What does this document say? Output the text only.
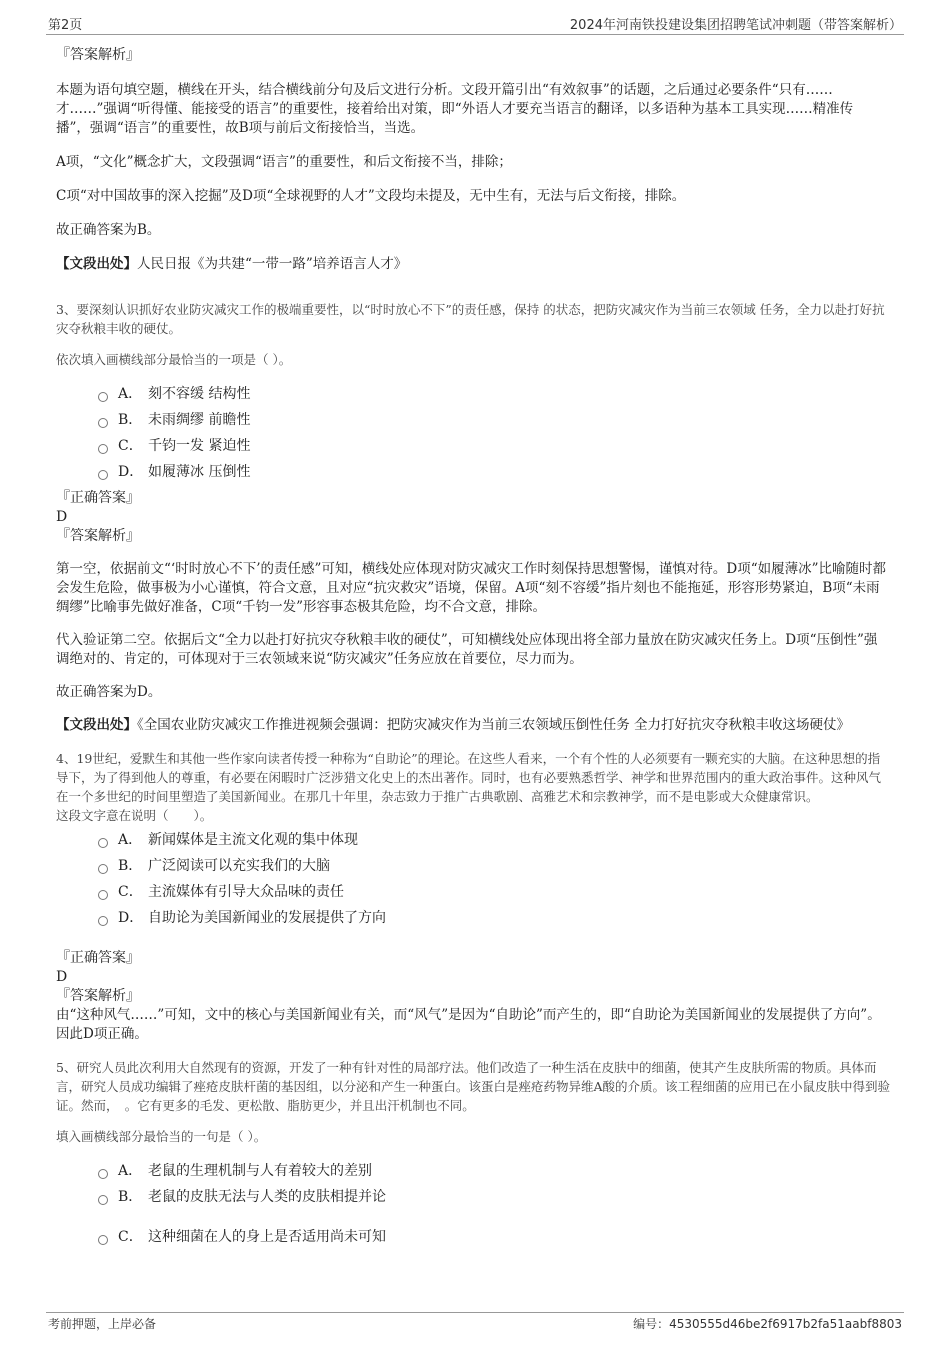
第2页	2024年河南铁投建设集团招聘笔试冲刺题（带答案解析）

『答案解析』

本题为语句填空题，横线在开头，结合横线前分句及后文进行分析。文段开篇引出“有效叙事”的话题，之后通过必要条件“只有……才……”强调“听得懂、能接受的语言”的重要性，接着给出对策，即“外语人才要充当语言的翻译，以多语种为基本工具实现……精准传播”，强调“语言”的重要性，故B项与前后文衔接恰当，当选。

A项，“文化”概念扩大，文段强调“语言”的重要性，和后文衔接不当，排除；

C项“对中国故事的深入挖掘”及D项“全球视野的人才”文段均未提及，无中生有，无法与后文衔接，排除。

故正确答案为B。

【文段出处】人民日报《为共建“一带一路”培养语言人才》

3、要深刻认识抓好农业防灾减灾工作的极端重要性，以“时时放心不下”的责任感，保持 的状态，把防灾减灾作为当前三农领域 任务，全力以赴打好抗灾夺秋粮丰收的硬仗。

依次填入画横线部分最恰当的一项是（ ）。

A． 刻不容缓 结构性
B． 未雨绸缪 前瞻性
C． 千钧一发 紧迫性
D． 如履薄冰 压倒性

『正确答案』

D

『答案解析』

第一空，依据前文“‘时时放心不下’的责任感”可知，横线处应体现对防灾减灾工作时刻保持思想警惕，谨慎对待。D项“如履薄冰”比喻随时都会发生危险，做事极为小心谨慎，符合文意，且对应“抗灾救灾”语境，保留。A项“刻不容缓”指片刻也不能拖延，形容形势紧迫，B项“未雨绸缪”比喻事先做好准备，C项“千钧一发”形容事态极其危险，均不合文意，排除。

代入验证第二空。依据后文“全力以赴打好抗灾夺秋粮丰收的硬仗”，可知横线处应体现出将全部力量放在防灾减灾任务上。D项“压倒性”强调绝对的、肯定的，可体现对于三农领域来说“防灾减灾”任务应放在首要位，尽力而为。

故正确答案为D。

【文段出处】《全国农业防灾减灾工作推进视频会强调：把防灾减灾作为当前三农领域压倒性任务 全力打好抗灾夺秋粮丰收这场硬仗》

4、19世纪，爱默生和其他一些作家向读者传授一种称为“自助论”的理论。在这些人看来，一个有个性的人必须要有一颗充实的大脑。在这种思想的指导下，为了得到他人的尊重，有必要在闲暇时广泛涉猎文化史上的杰出著作。同时，也有必要熟悉哲学、神学和世界范围内的重大政治事件。这种风气在一个多世纪的时间里塑造了美国新闻业。在那几十年里，杂志致力于推广古典歌剧、高雅艺术和宗教神学，而不是电影或大众健康常识。

这段文字意在说明（　　）。

A． 新闻媒体是主流文化观的集中体现
B． 广泛阅读可以充实我们的大脑
C． 主流媒体有引导大众品味的责任
D． 自助论为美国新闻业的发展提供了方向

『正确答案』

D

『答案解析』

由“这种风气……”可知，文中的核心与美国新闻业有关，而“风气”是因为“自助论”而产生的，即“自助论为美国新闻业的发展提供了方向”。因此D项正确。

5、研究人员此次利用大自然现有的资源，开发了一种有针对性的局部疗法。他们改造了一种生活在皮肤中的细菌，使其产生皮肤所需的物质。具体而言，研究人员成功编辑了痤疮皮肤杆菌的基因组，以分泌和产生一种蛋白。该蛋白是痤疮药物异维A酸的介质。该工程细菌的应用已在小鼠皮肤中得到验证。然而，　。它有更多的毛发、更松散、脂肪更少，并且出汗机制也不同。

填入画横线部分最恰当的一句是（ ）。

A． 老鼠的生理机制与人有着较大的差别
B． 老鼠的皮肤无法与人类的皮肤相提并论
C． 这种细菌在人的身上是否适用尚未可知
考前押题，上岸必备	编号：4530555d46be2f6917b2fa51aabf8803
